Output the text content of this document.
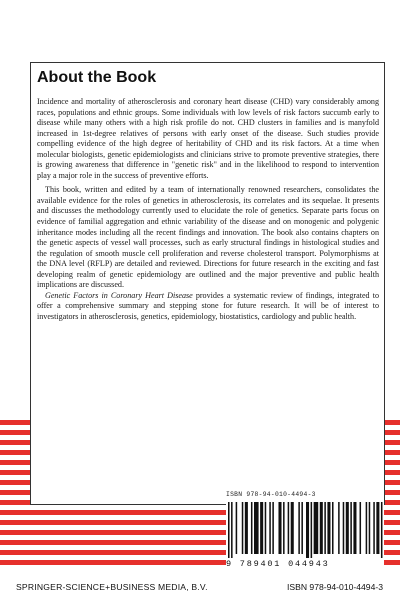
About the Book

Incidence and mortality of atherosclerosis and coronary heart disease (CHD) vary considerably among races, populations and ethnic groups. Some individuals with low levels of risk factors succumb early to disease while many others with a high risk profile do not. CHD clusters in families and is manyfold increased in 1st-degree relatives of persons with early onset of the disease. Such studies provide compelling evidence of the high degree of heritability of CHD and its risk factors. At a time when molecular biologists, genetic epidemiologists and clinicians strive to promote preventive strategies, there is growing awareness that difference in "genetic risk" and in the likelihood to respond to intervention play a major role in the success of preventive efforts.

This book, written and edited by a team of internationally renowned researchers, consolidates the available evidence for the roles of genetics in atherosclerosis, its correlates and its sequelae. It presents and discusses the methodology currently used to elucidate the role of genetics. Separate parts focus on evidence of familial aggregation and ethnic variability of the disease and on monogenic and polygenic inheritance modes including all the recent findings and innovation. The book also contains chapters on the genetic aspects of vessel wall processes, such as early structural findings in histological studies and the regulation of smooth muscle cell proliferation and reverse cholesterol transport. Polymorphisms at the DNA level (RFLP) are detailed and reviewed. Directions for future research in the exciting and fast developing realm of genetic epidemiology are outlined and the major preventive and public health implications are discussed.

Genetic Factors in Coronary Heart Disease provides a systematic review of findings, integrated to offer a comprehensive summary and stepping stone for future research. It will be of interest to investigators in atherosclerosis, genetics, epidemiology, biostatistics, cardiology and public health.

ISBN 978-94-010-4494-3
9 789401 044943
SPRINGER-SCIENCE+BUSINESS MEDIA, B.V.	ISBN 978-94-010-4494-3
